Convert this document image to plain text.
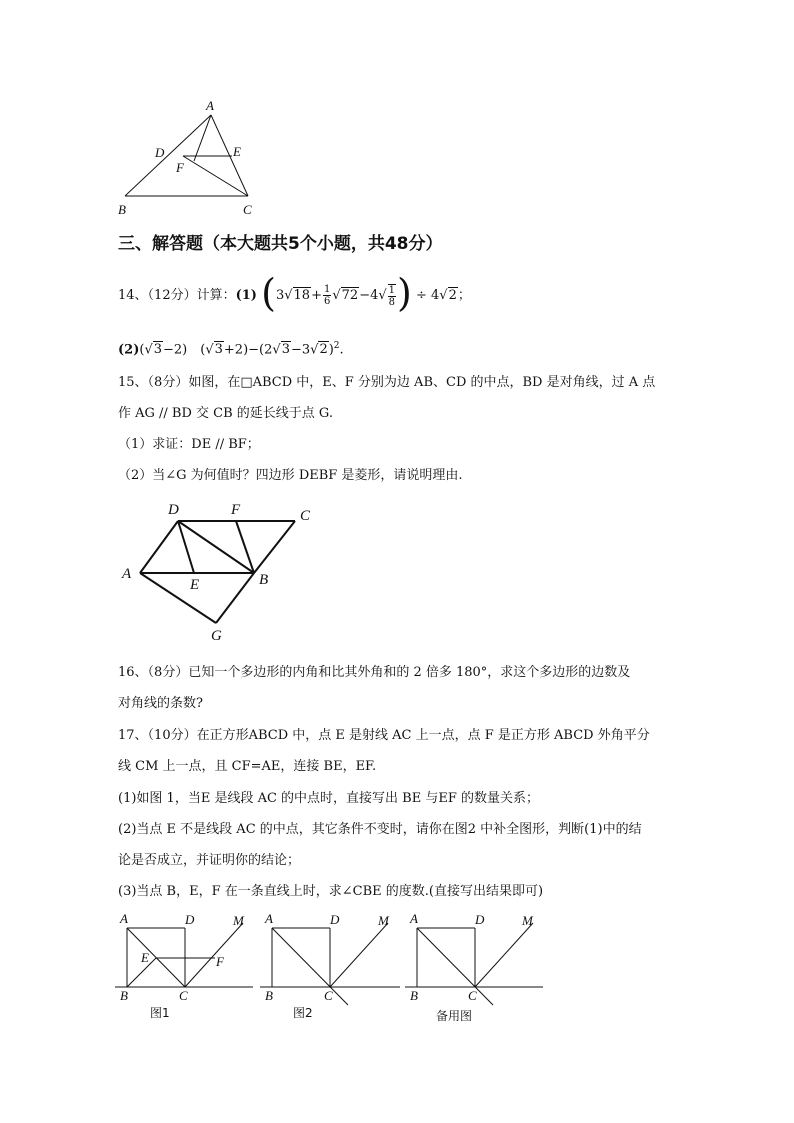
A
D	E
F
B	C
三、解答题（本大题共5个小题，共48分）
14、（12分）计算：(1) ($3√18+ \frac{1}{6} √72-4√ \frac{1}{8}$ ) ÷ 4√2；
(2)(√3−2)　$(√3+2)-(2√3-3√2)^2$.
15、（8分）如图，在□ABCD 中，E、F 分别为边 AB、CD 的中点，BD 是对角线，过 A 点
作 AG // BD 交 CB 的延长线于点 G.
（1）求证：DE // BF；
（2）当∠G 为何值时？四边形 DEBF 是菱形，请说明理由.
D	F	C
A
E	B
G
16、（8分）已知一个多边形的内角和比其外角和的 2 倍多 180°，求这个多边形的边数及
对角线的条数?
17、（10分）在正方形ABCD 中，点 E 是射线 AC 上一点，点 F 是正方形 ABCD 外角平分
线 CM 上一点，且 CF=AE，连接 BE，EF.
(1)如图 1，当E 是线段 AC 的中点时，直接写出 BE 与EF 的数量关系；
(2)当点 E 不是线段 AC 的中点，其它条件不变时，请你在图2 中补全图形，判断(1)中的结
论是否成立，并证明你的结论；
(3)当点 B，E，F 在一条直线上时，求∠CBE 的度数.(直接写出结果即可)
A	D	M
E	F
B	C
图1
A	D	M
B	C
图2
A	D	M
B	C
备用图
